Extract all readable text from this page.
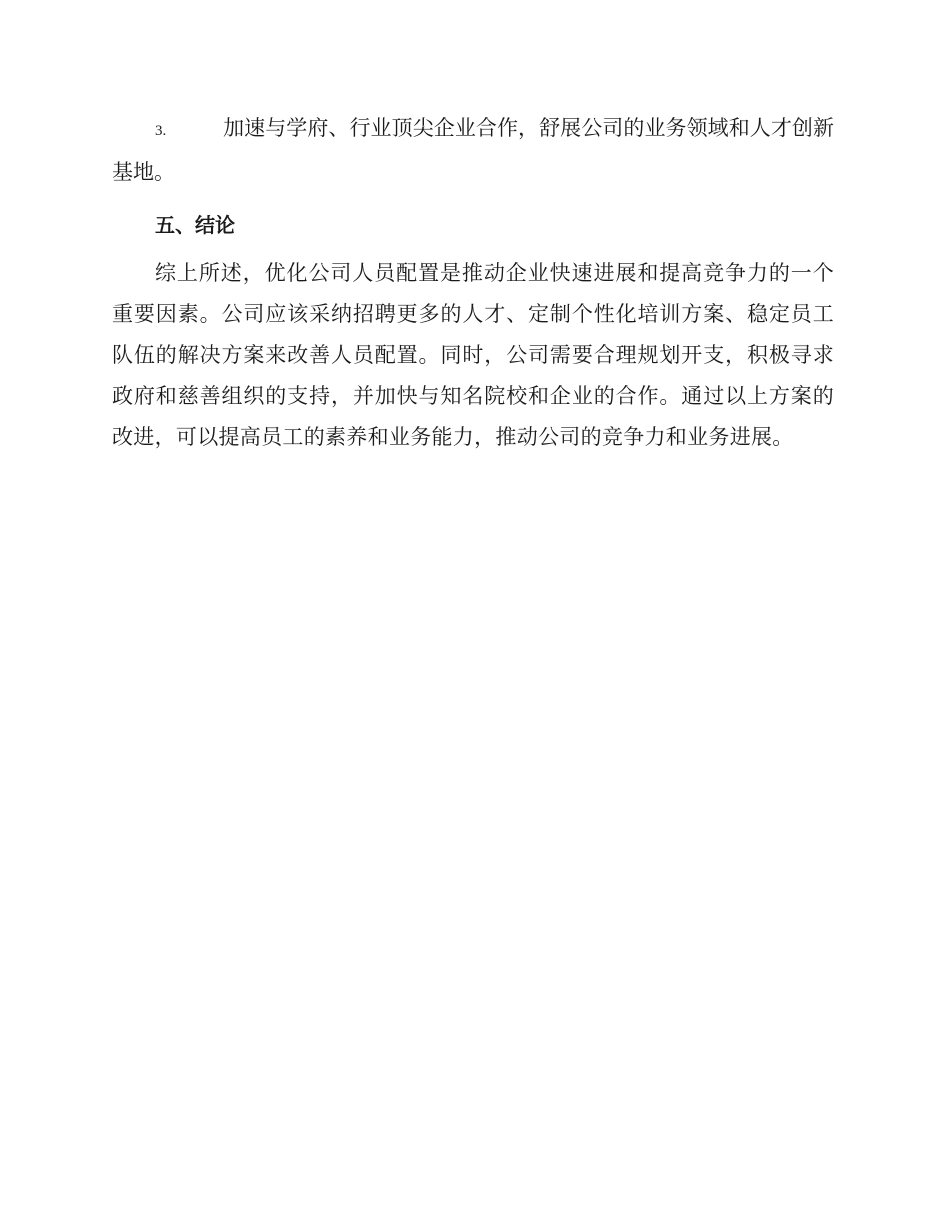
3.	加速与学府、行业顶尖企业合作，舒展公司的业务领域和人才创新基地。

五、结论

综上所述，优化公司人员配置是推动企业快速进展和提高竞争力的一个重要因素。公司应该采纳招聘更多的人才、定制个性化培训方案、稳定员工队伍的解决方案来改善人员配置。同时，公司需要合理规划开支，积极寻求政府和慈善组织的支持，并加快与知名院校和企业的合作。通过以上方案的改进，可以提高员工的素养和业务能力，推动公司的竞争力和业务进展。
